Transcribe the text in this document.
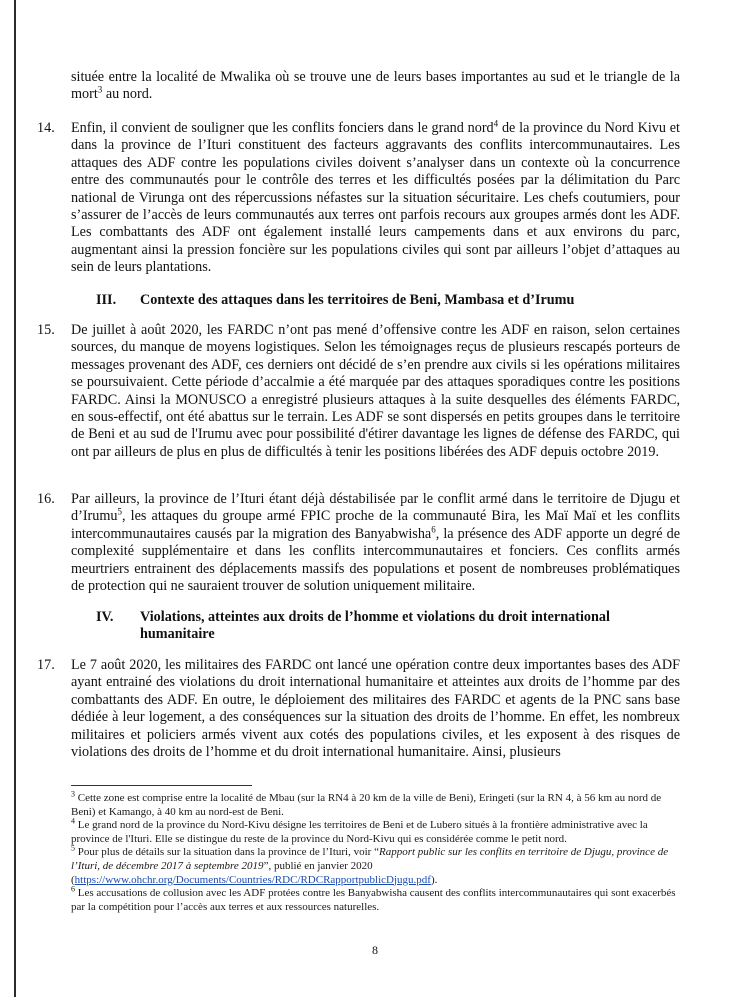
située entre la localité de Mwalika où se trouve une de leurs bases importantes au sud et le triangle de la mort$^3$ au nord.
14. Enfin, il convient de souligner que les conflits fonciers dans le grand nord$^4$ de la province du Nord Kivu et dans la province de l’Ituri constituent des facteurs aggravants des conflits intercommunautaires. Les attaques des ADF contre les populations civiles doivent s’analyser dans un contexte où la concurrence entre des communautés pour le contrôle des terres et les difficultés posées par la délimitation du Parc national de Virunga ont des répercussions néfastes sur la situation sécuritaire. Les chefs coutumiers, pour s’assurer de l’accès de leurs communautés aux terres ont parfois recours aux groupes armés dont les ADF. Les combattants des ADF ont également installé leurs campements dans et aux environs du parc, augmentant ainsi la pression foncière sur les populations civiles qui sont par ailleurs l’objet d’attaques au sein de leurs plantations.
III. Contexte des attaques dans les territoires de Beni, Mambasa et d’Irumu
15. De juillet à août 2020, les FARDC n’ont pas mené d’offensive contre les ADF en raison, selon certaines sources, du manque de moyens logistiques. Selon les témoignages reçus de plusieurs rescapés porteurs de messages provenant des ADF, ces derniers ont décidé de s’en prendre aux civils si les opérations militaires se poursuivaient. Cette période d’accalmie a été marquée par des attaques sporadiques contre les positions FARDC. Ainsi la MONUSCO a enregistré plusieurs attaques à la suite desquelles des éléments FARDC, en sous-effectif, ont été abattus sur le terrain. Les ADF se sont dispersés en petits groupes dans le territoire de Beni et au sud de l'Irumu avec pour possibilité d'étirer davantage les lignes de défense des FARDC, qui ont par ailleurs de plus en plus de difficultés à tenir les positions libérées des ADF depuis octobre 2019.
16. Par ailleurs, la province de l’Ituri étant déjà déstabilisée par le conflit armé dans le territoire de Djugu et d’Irumu$^5$, les attaques du groupe armé FPIC proche de la communauté Bira, les Maï Maï et les conflits intercommunautaires causés par la migration des Banyabwisha$^6$, la présence des ADF apporte un degré de complexité supplémentaire et dans les conflits intercommunautaires et fonciers. Ces conflits armés meurtriers entrainent des déplacements massifs des populations et posent de nombreuses problématiques de protection qui ne sauraient trouver de solution uniquement militaire.
IV. Violations, atteintes aux droits de l’homme et violations du droit international humanitaire
17. Le 7 août 2020, les militaires des FARDC ont lancé une opération contre deux importantes bases des ADF ayant entrainé des violations du droit international humanitaire et atteintes aux droits de l’homme par des combattants des ADF. En outre, le déploiement des militaires des FARDC et agents de la PNC sans base dédiée à leur logement, a des conséquences sur la situation des droits de l’homme. En effet, les nombreux militaires et policiers armés vivent aux cotés des populations civiles, et les exposent à des risques de violations des droits de l’homme et du droit international humanitaire. Ainsi, plusieurs

$^3$ Cette zone est comprise entre la localité de Mbau (sur la RN4 à 20 km de la ville de Beni), Eringeti (sur la RN 4, à 56 km au nord de Beni) et Kamango, à 40 km au nord-est de Beni.

$^4$ Le grand nord de la province du Nord-Kivu désigne les territoires de Beni et de Lubero situés à la frontière administrative avec la province de l'Ituri. Elle se distingue du reste de la province du Nord-Kivu qui es considérée comme le petit nord.

$^5$ Pour plus de détails sur la situation dans la province de l’Ituri, voir “Rapport public sur les conflits en territoire de Djugu, province de l’Ituri, de décembre 2017 à septembre 2019”, publié en janvier 2020 (https://www.ohchr.org/Documents/Countries/RDC/RDCRapportpublicDjugu.pdf).

$^6$ Les accusations de collusion avec les ADF protées contre les Banyabwisha causent des conflits intercommunautaires qui sont exacerbés par la compétition pour l’accès aux terres et aux ressources naturelles.

8
